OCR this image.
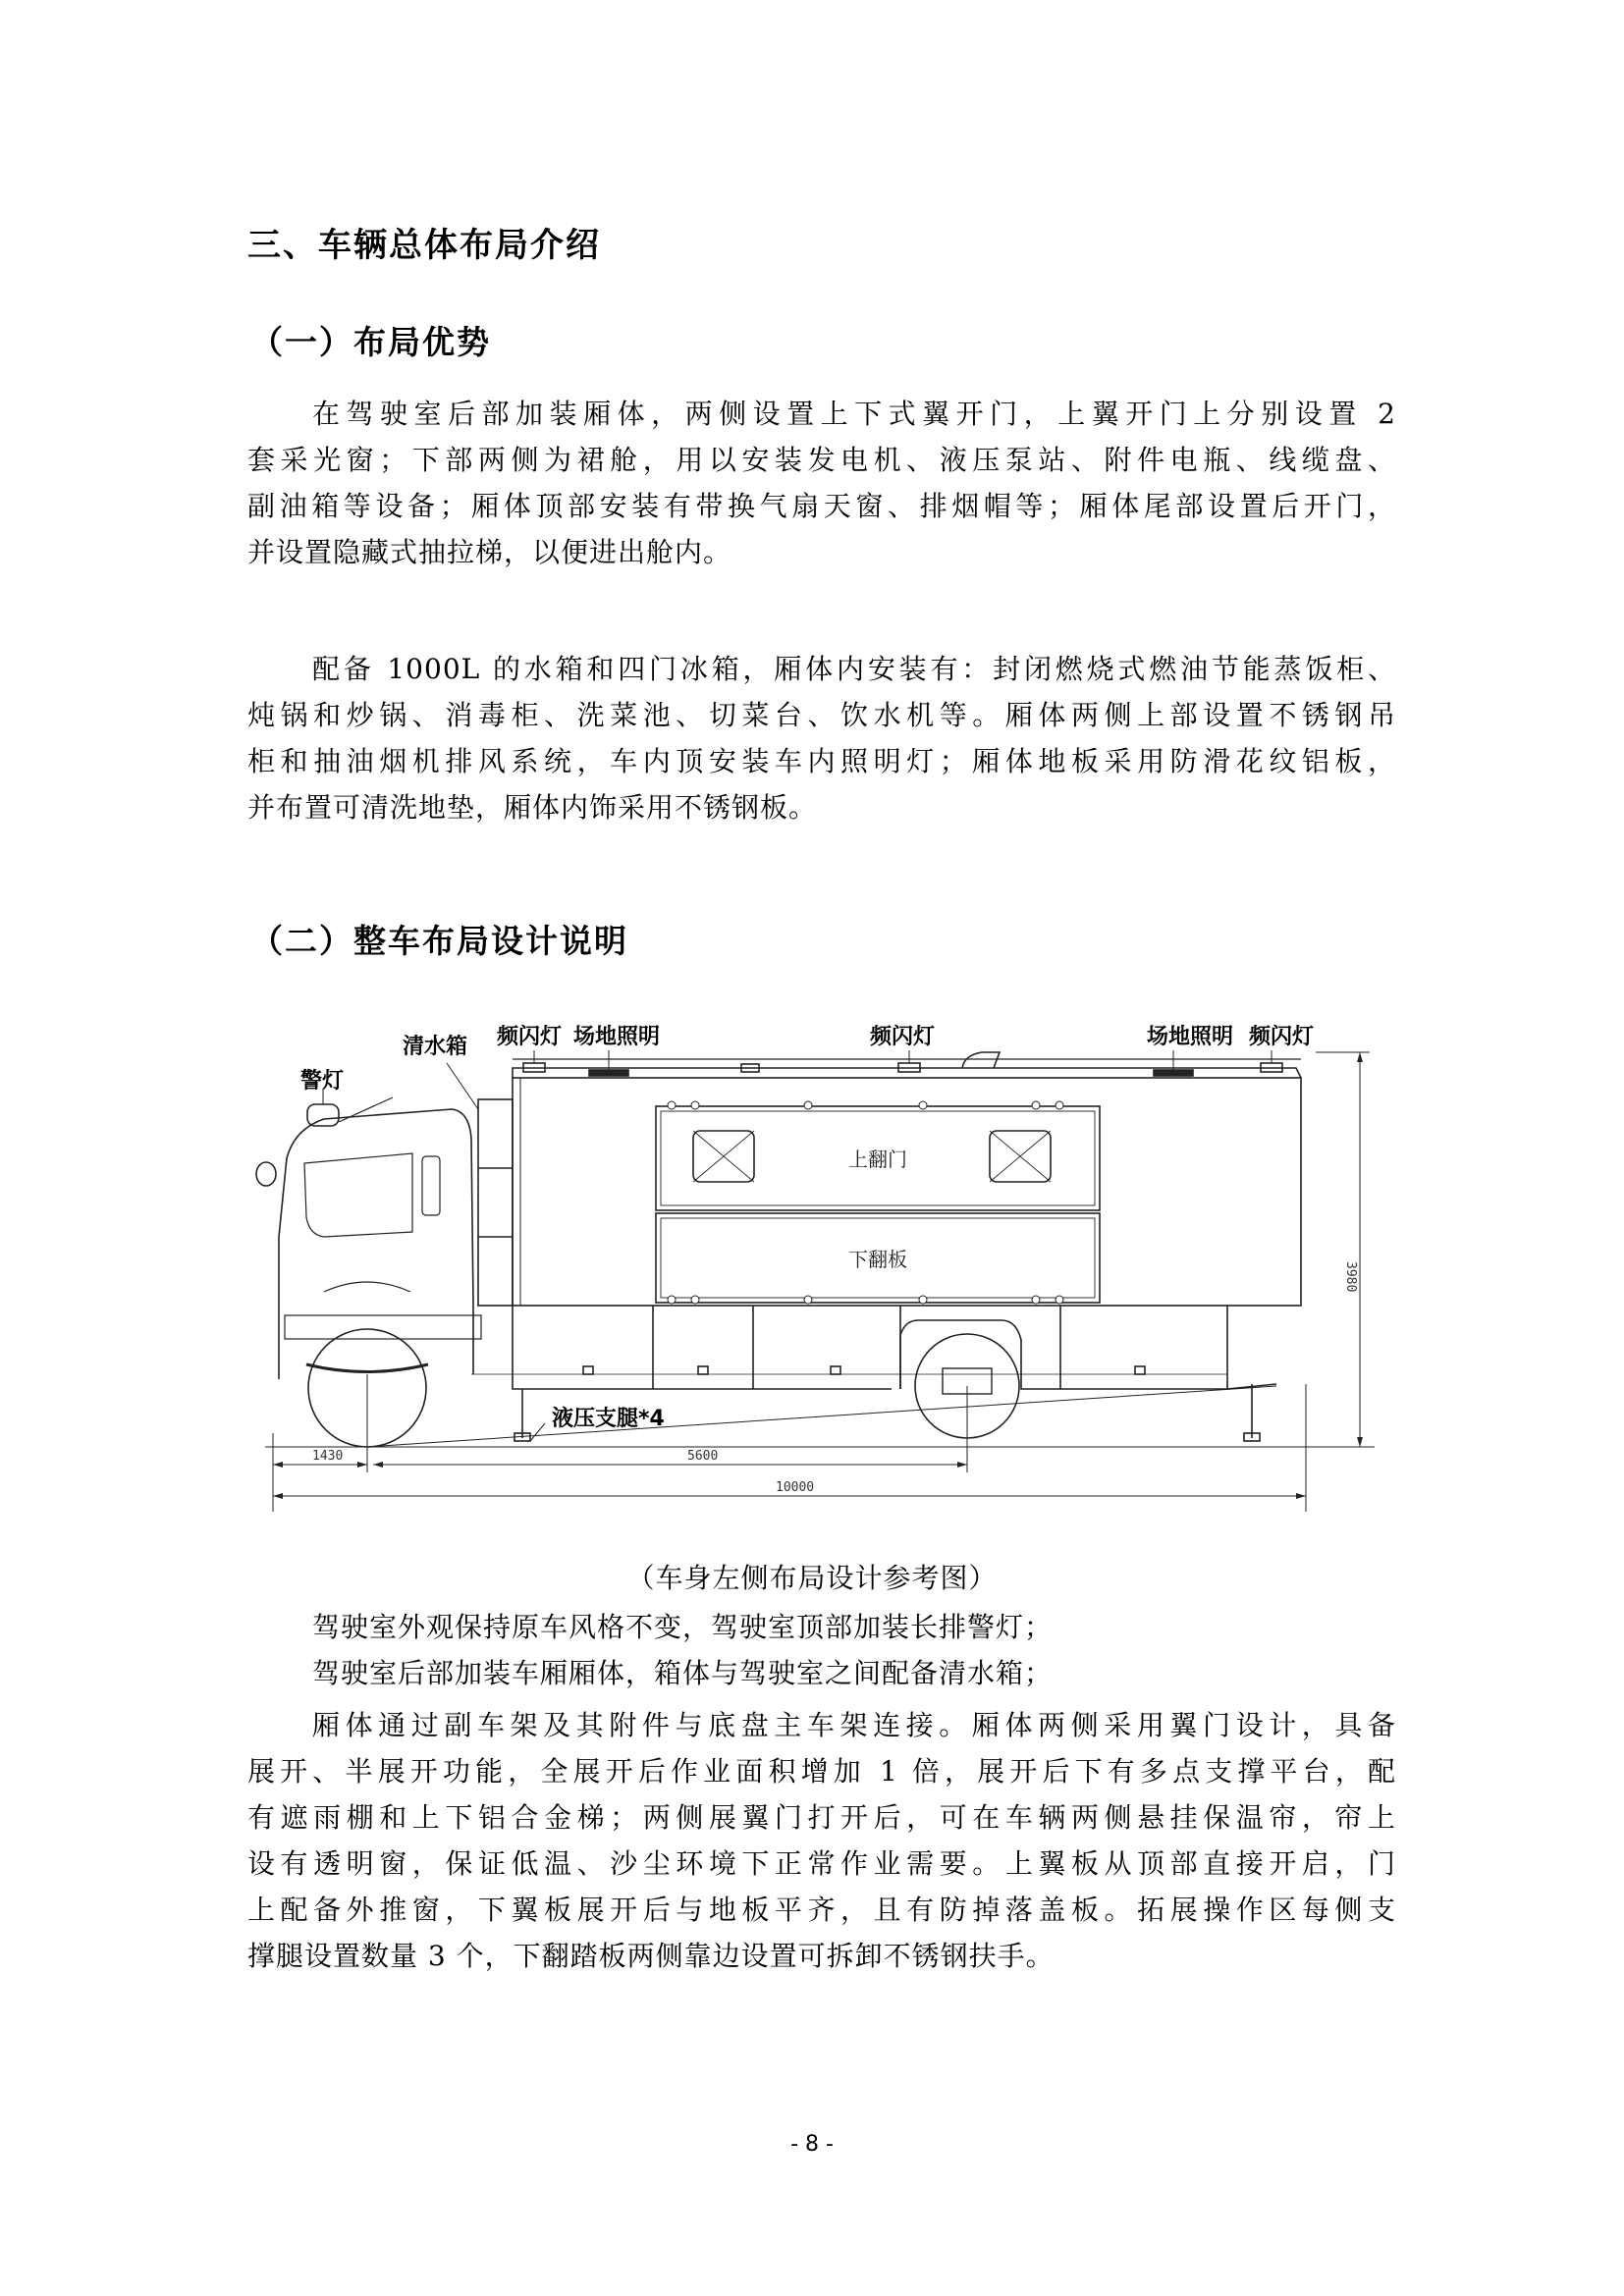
三、车辆总体布局介绍
（一）布局优势
在驾驶室后部加装厢体，两侧设置上下式翼开门，上翼开门上分别设置 2
套采光窗；下部两侧为裙舱，用以安装发电机、液压泵站、附件电瓶、线缆盘、
副油箱等设备；厢体顶部安装有带换气扇天窗、排烟帽等；厢体尾部设置后开门，
并设置隐藏式抽拉梯，以便进出舱内。
配备 1000L 的水箱和四门冰箱，厢体内安装有：封闭燃烧式燃油节能蒸饭柜、
炖锅和炒锅、消毒柜、洗菜池、切菜台、饮水机等。厢体两侧上部设置不锈钢吊
柜和抽油烟机排风系统，车内顶安装车内照明灯；厢体地板采用防滑花纹铝板，
并布置可清洗地垫，厢体内饰采用不锈钢板。
（二）整车布局设计说明
清水箱
警灯
频闪灯 场地照明	频闪灯	场地照明 频闪灯
上翻门
下翻板
液压支腿*4
1430	5600
10000
3980
（车身左侧布局设计参考图）
驾驶室外观保持原车风格不变，驾驶室顶部加装长排警灯；
驾驶室后部加装车厢厢体，箱体与驾驶室之间配备清水箱；
厢体通过副车架及其附件与底盘主车架连接。厢体两侧采用翼门设计，具备
展开、半展开功能，全展开后作业面积增加 1 倍，展开后下有多点支撑平台，配
有遮雨棚和上下铝合金梯；两侧展翼门打开后，可在车辆两侧悬挂保温帘，帘上
设有透明窗，保证低温、沙尘环境下正常作业需要。上翼板从顶部直接开启，门
上配备外推窗，下翼板展开后与地板平齐，且有防掉落盖板。拓展操作区每侧支
撑腿设置数量 3 个，下翻踏板两侧靠边设置可拆卸不锈钢扶手。
- 8 -
